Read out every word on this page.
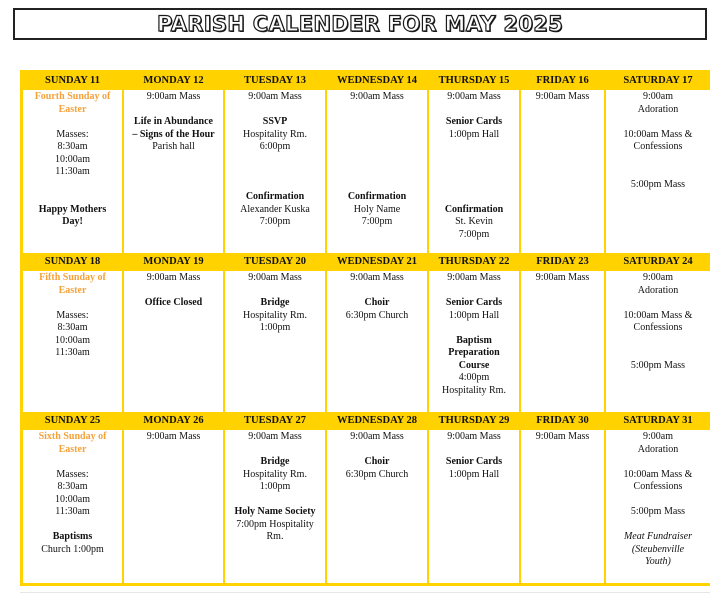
PARISH CALENDER FOR MAY 2025
SUNDAY 11
Fourth Sunday of
Easter
Masses:
8:30am
10:00am
11:30am
Happy Mothers
Day!
MONDAY 12
9:00am Mass
Life in Abundance
– Signs of the Hour
Parish hall
TUESDAY 13
9:00am Mass
SSVP
Hospitality Rm.
6:00pm
Confirmation
Alexander Kuska
7:00pm
WEDNESDAY 14
9:00am Mass
Confirmation
Holy Name
7:00pm
THURSDAY 15
9:00am Mass
Senior Cards
1:00pm Hall
Confirmation
St. Kevin
7:00pm
FRIDAY 16
9:00am Mass
SATURDAY 17
9:00am
Adoration
10:00am Mass &
Confessions
5:00pm Mass
SUNDAY 18
Fifth Sunday of
Easter
Masses:
8:30am
10:00am
11:30am
MONDAY 19
9:00am Mass
Office Closed
TUESDAY 20
9:00am Mass
Bridge
Hospitality Rm.
1:00pm
WEDNESDAY 21
9:00am Mass
Choir
6:30pm Church
THURSDAY 22
9:00am Mass
Senior Cards
1:00pm Hall
Baptism
Preparation
Course
4:00pm
Hospitality Rm.
FRIDAY 23
9:00am Mass
SATURDAY 24
9:00am
Adoration
10:00am Mass &
Confessions
5:00pm Mass
SUNDAY 25
Sixth Sunday of
Easter
Masses:
8:30am
10:00am
11:30am
Baptisms
Church 1:00pm
MONDAY 26
9:00am Mass
TUESDAY 27
9:00am Mass
Bridge
Hospitality Rm.
1:00pm
Holy Name Society
7:00pm Hospitality
Rm.
WEDNESDAY 28
9:00am Mass
Choir
6:30pm Church
THURSDAY 29
9:00am Mass
Senior Cards
1:00pm Hall
FRIDAY 30
9:00am Mass
SATURDAY 31
9:00am
Adoration
10:00am Mass &
Confessions
5:00pm Mass
Meat Fundraiser
(Steubenville
Youth)
